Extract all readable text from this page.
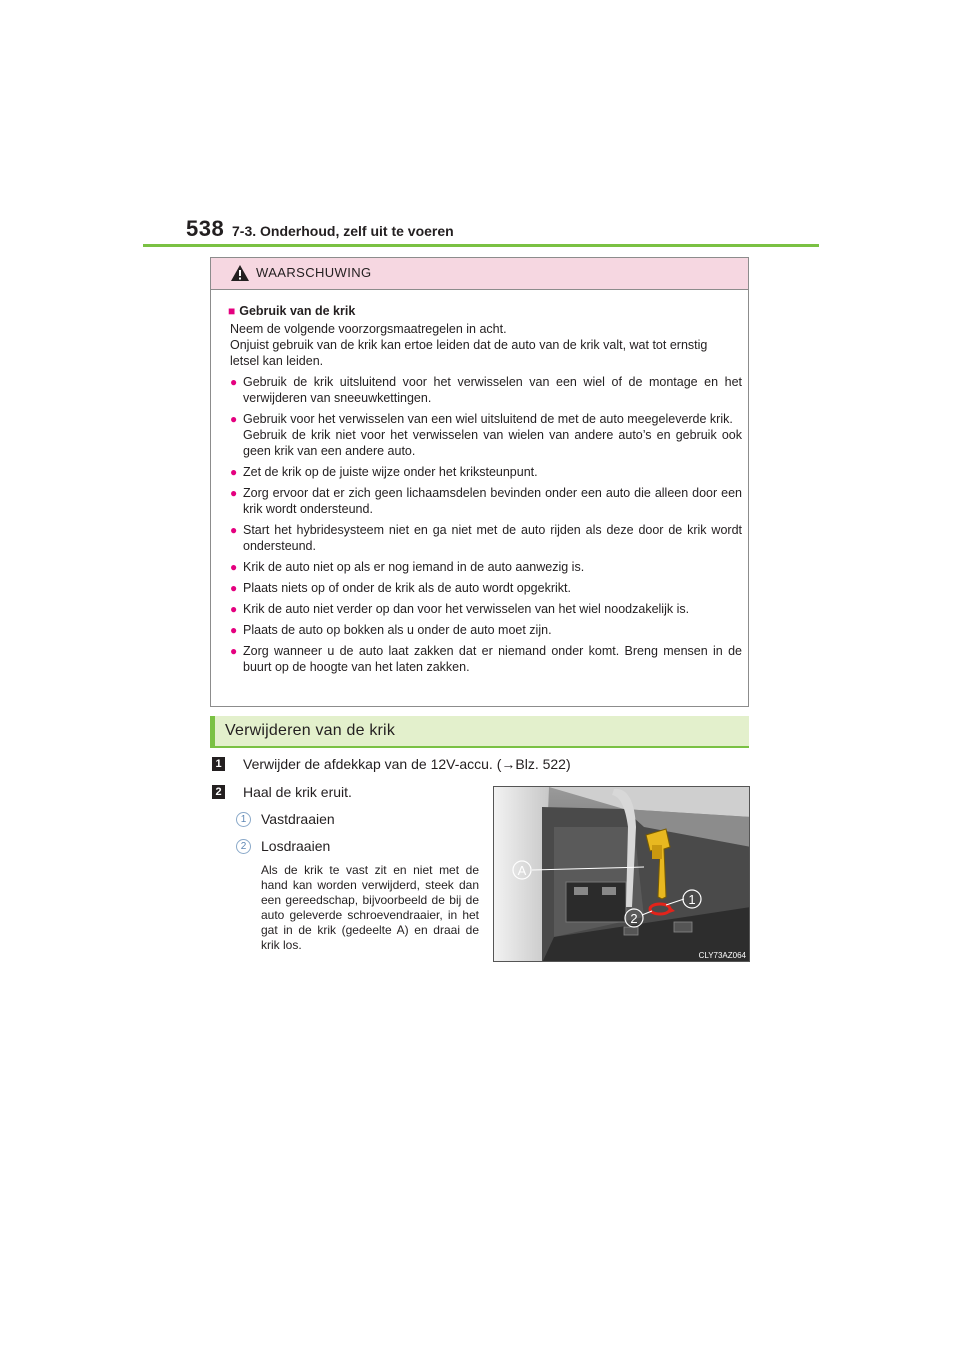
538 7-3. Onderhoud, zelf uit te voeren
WAARSCHUWING
■ Gebruik van de krik
Neem de volgende voorzorgsmaatregelen in acht.
Onjuist gebruik van de krik kan ertoe leiden dat de auto van de krik valt, wat tot ernstig
letsel kan leiden.
● Gebruik de krik uitsluitend voor het verwisselen van een wiel of de montage en het verwijderen van sneeuwkettingen.
● Gebruik voor het verwisselen van een wiel uitsluitend de met de auto meegeleverde krik.
Gebruik de krik niet voor het verwisselen van wielen van andere auto’s en gebruik ook geen krik van een andere auto.
● Zet de krik op de juiste wijze onder het kriksteunpunt.
● Zorg ervoor dat er zich geen lichaamsdelen bevinden onder een auto die alleen door een krik wordt ondersteund.
● Start het hybridesysteem niet en ga niet met de auto rijden als deze door de krik wordt ondersteund.
● Krik de auto niet op als er nog iemand in de auto aanwezig is.
● Plaats niets op of onder de krik als de auto wordt opgekrikt.
● Krik de auto niet verder op dan voor het verwisselen van het wiel noodzakelijk is.
● Plaats de auto op bokken als u onder de auto moet zijn.
● Zorg wanneer u de auto laat zakken dat er niemand onder komt. Breng mensen in de buurt op de hoogte van het laten zakken.
Verwijderen van de krik
1 Verwijder de afdekkap van de 12V-accu. (→Blz. 522)
2 Haal de krik eruit.
1	Vastdraaien
2	Losdraaien
Als de krik te vast zit en niet met de hand kan worden verwijderd, steek dan een gereedschap, bijvoorbeeld de bij de auto geleverde schroevendraaier, in het gat in de krik (gedeelte A) en draai de krik los.
A
1
2
CLY73AZ064
